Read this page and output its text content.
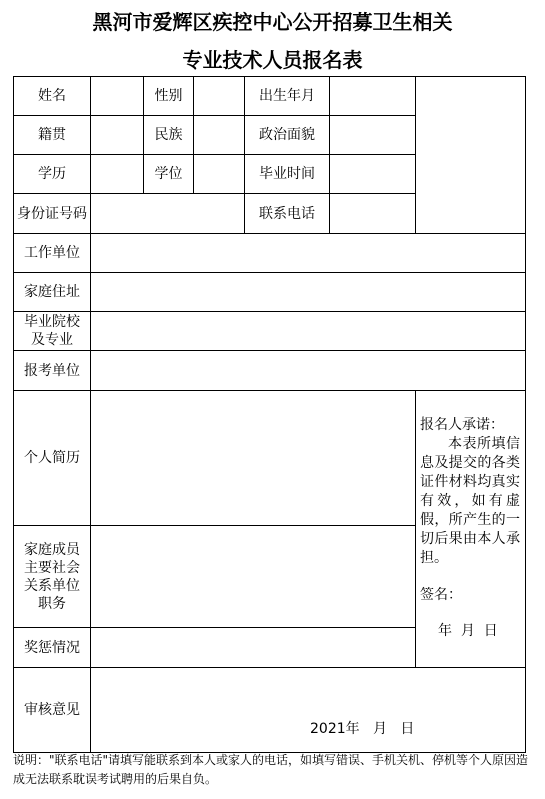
黑河市爱辉区疾控中心公开招募卫生相关
专业技术人员报名表
姓名	性别	出生年月
籍贯	民族	政治面貌
学历	学位	毕业时间
身份证号码	联系电话
工作单位
家庭住址
毕业院校
及专业
报考单位
个人简历
家庭成员
主要社会
关系单位
职务
奖惩情况
报名人承诺：
本表所填信息及提交的各类证件材料均真实有效，如有虚假，所产生的一切后果由本人承担。
签名：
年  月  日
审核意见
2021年   月   日
说明："联系电话"请填写能联系到本人或家人的电话，如填写错误、手机关机、停机等个人原因造成无法联系耽误考试聘用的后果自负。
